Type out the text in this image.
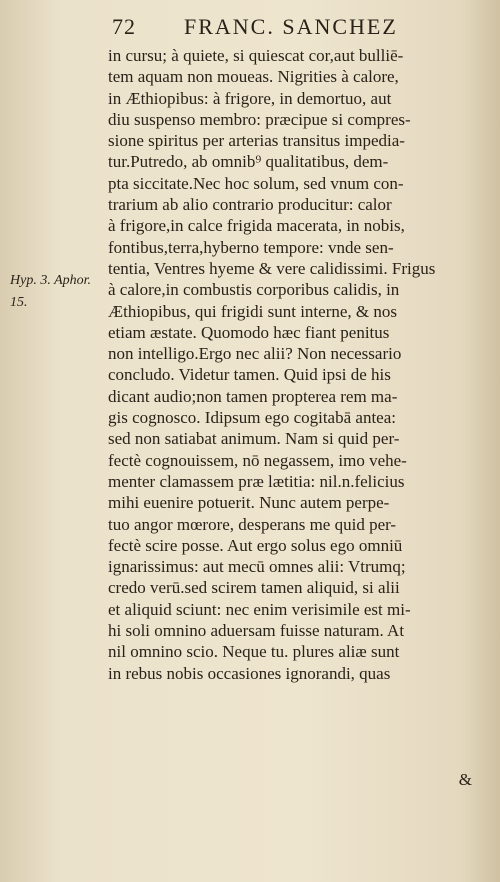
72 FRANC. SANCHEZ
Hyp. 3. Aphor.
15.
in cursu; à quiete, si quiescat cor,aut bulliē-
tem aquam non moueas. Nigrities à calore,
in Æthiopibus: à frigore, in demortuo, aut
diu suspenso membro: præcipue si compres-
sione spiritus per arterias transitus impedia-
tur.Putredo, ab omnib⁹ qualitatibus, dem-
pta siccitate.Nec hoc solum, sed vnum con-
trarium ab alio contrario producitur: calor
à frigore,in calce frigida macerata, in nobis,
fontibus,terra,hyberno tempore: vnde sen-
tentia, Ventres hyeme & vere calidissimi. Frigus
à calore,in combustis corporibus calidis, in
Æthiopibus, qui frigidi sunt interne, & nos
etiam æstate. Quomodo hæc fiant penitus
non intelligo.Ergo nec alii? Non necessario
concludo. Videtur tamen. Quid ipsi de his
dicant audio;non tamen propterea rem ma-
gis cognosco. Idipsum ego cogitabā antea:
sed non satiabat animum. Nam si quid per-
fectè cognouissem, nō negassem, imo vehe-
menter clamassem præ lætitia: nil.n.felicius
mihi euenire potuerit. Nunc autem perpe-
tuo angor mœrore, desperans me quid per-
fectè scire posse. Aut ergo solus ego omniū
ignarissimus: aut mecū omnes alii: Vtrumq;
credo verū.sed scirem tamen aliquid, si alii
et aliquid sciunt: nec enim verisimile est mi-
hi soli omnino aduersam fuisse naturam. At
nil omnino scio. Neque tu. plures aliæ sunt
in rebus nobis occasiones ignorandi, quas
&
